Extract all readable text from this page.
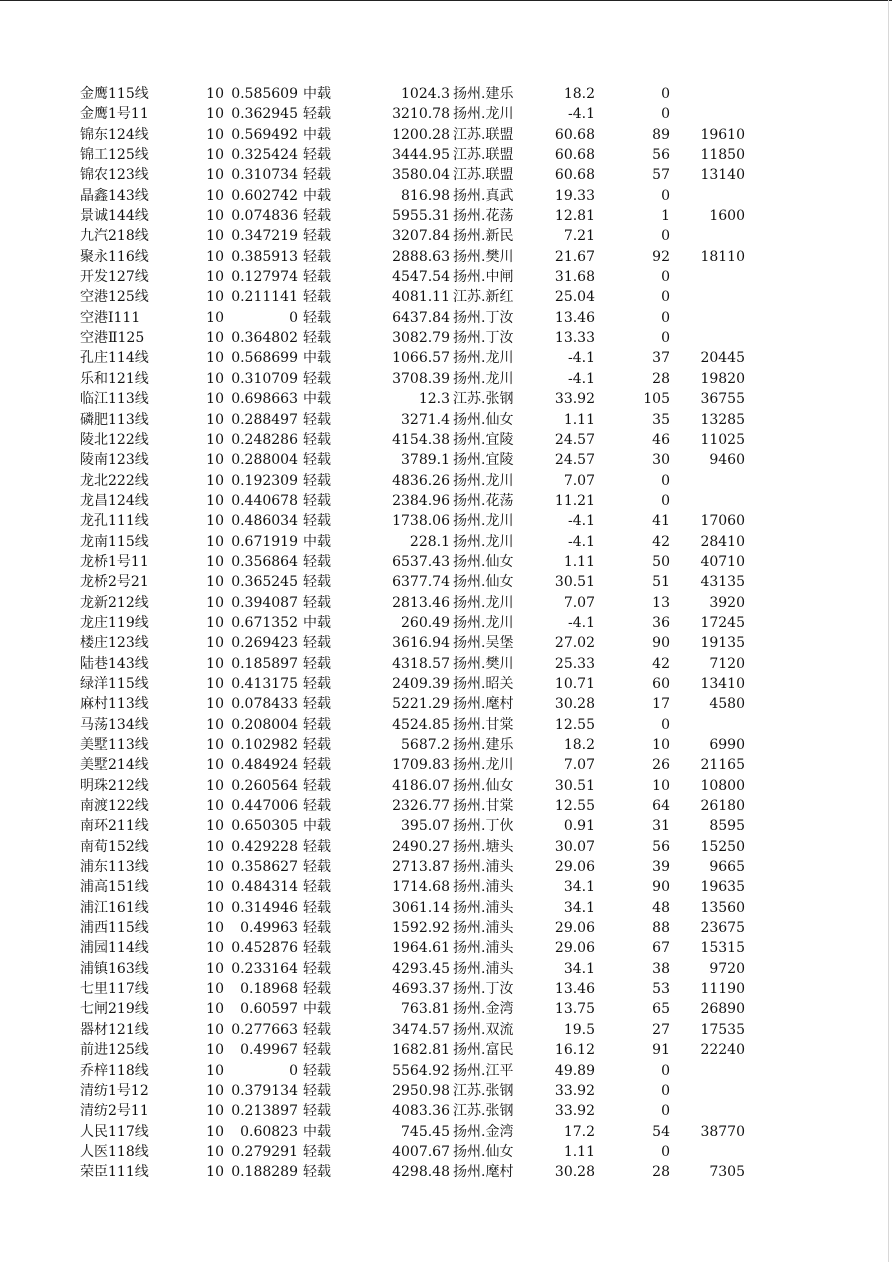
金鹰115线	10 0.585609 中载	1024.3 扬州.建乐	18.2	0
金鹰1号11	10 0.362945 轻载	3210.78 扬州.龙川	-4.1	0
锦东124线	10 0.569492 中载	1200.28 江苏.联盟	60.68	89	19610
锦工125线	10 0.325424 轻载	3444.95 江苏.联盟	60.68	56	11850
锦农123线	10 0.310734 轻载	3580.04 江苏.联盟	60.68	57	13140
晶鑫143线	10 0.602742 中载	816.98 扬州.真武	19.33	0
景诚144线	10 0.074836 轻载	5955.31 扬州.花荡	12.81	1	1600
九汽218线	10 0.347219 轻载	3207.84 扬州.新民	7.21	0
聚永116线	10 0.385913 轻载	2888.63 扬州.樊川	21.67	92	18110
开发127线	10 0.127974 轻载	4547.54 扬州.中闸	31.68	0
空港125线	10 0.211141 轻载	4081.11 江苏.新红	25.04	0
空港Ⅰ111	10	0 轻载	6437.84 扬州.丁汝	13.46	0
空港Ⅱ125	10 0.364802 轻载	3082.79 扬州.丁汝	13.33	0
孔庄114线	10 0.568699 中载	1066.57 扬州.龙川	-4.1	37	20445
乐和121线	10 0.310709 轻载	3708.39 扬州.龙川	-4.1	28	19820
临江113线	10 0.698663 中载	12.3 江苏.张钢	33.92	105	36755
磷肥113线	10 0.288497 轻载	3271.4 扬州.仙女	1.11	35	13285
陵北122线	10 0.248286 轻载	4154.38 扬州.宜陵	24.57	46	11025
陵南123线	10 0.288004 轻载	3789.1 扬州.宜陵	24.57	30	9460
龙北222线	10 0.192309 轻载	4836.26 扬州.龙川	7.07	0
龙昌124线	10 0.440678 轻载	2384.96 扬州.花荡	11.21	0
龙孔111线	10 0.486034 轻载	1738.06 扬州.龙川	-4.1	41	17060
龙南115线	10 0.671919 中载	228.1 扬州.龙川	-4.1	42	28410
龙桥1号11	10 0.356864 轻载	6537.43 扬州.仙女	1.11	50	40710
龙桥2号21	10 0.365245 轻载	6377.74 扬州.仙女	30.51	51	43135
龙新212线	10 0.394087 轻载	2813.46 扬州.龙川	7.07	13	3920
龙庄119线	10 0.671352 中载	260.49 扬州.龙川	-4.1	36	17245
楼庄123线	10 0.269423 轻载	3616.94 扬州.吴堡	27.02	90	19135
陆巷143线	10 0.185897 轻载	4318.57 扬州.樊川	25.33	42	7120
绿洋115线	10 0.413175 轻载	2409.39 扬州.昭关	10.71	60	13410
麻村113线	10 0.078433 轻载	5221.29 扬州.麾村	30.28	17	4580
马荡134线	10 0.208004 轻载	4524.85 扬州.甘棠	12.55	0
美墅113线	10 0.102982 轻载	5687.2 扬州.建乐	18.2	10	6990
美墅214线	10 0.484924 轻载	1709.83 扬州.龙川	7.07	26	21165
明珠212线	10 0.260564 轻载	4186.07 扬州.仙女	30.51	10	10800
南渡122线	10 0.447006 轻载	2326.77 扬州.甘棠	12.55	64	26180
南环211线	10 0.650305 中载	395.07 扬州.丁伙	0.91	31	8595
南荀152线	10 0.429228 轻载	2490.27 扬州.塘头	30.07	56	15250
浦东113线	10 0.358627 轻载	2713.87 扬州.浦头	29.06	39	9665
浦高151线	10 0.484314 轻载	1714.68 扬州.浦头	34.1	90	19635
浦江161线	10 0.314946 轻载	3061.14 扬州.浦头	34.1	48	13560
浦西115线	10	0.49963 轻载	1592.92 扬州.浦头	29.06	88	23675
浦园114线	10 0.452876 轻载	1964.61 扬州.浦头	29.06	67	15315
浦镇163线	10 0.233164 轻载	4293.45 扬州.浦头	34.1	38	9720
七里117线	10	0.18968 轻载	4693.37 扬州.丁汝	13.46	53	11190
七闸219线	10	0.60597 中载	763.81 扬州.金湾	13.75	65	26890
器材121线	10 0.277663 轻载	3474.57 扬州.双流	19.5	27	17535
前进125线	10	0.49967 轻载	1682.81 扬州.富民	16.12	91	22240
乔梓118线	10	0 轻载	5564.92 扬州.江平	49.89	0
清纺1号12	10 0.379134 轻载	2950.98 江苏.张钢	33.92	0
清纺2号11	10 0.213897 轻载	4083.36 江苏.张钢	33.92	0
人民117线	10	0.60823 中载	745.45 扬州.金湾	17.2	54	38770
人医118线	10 0.279291 轻载	4007.67 扬州.仙女	1.11	0
荣臣111线	10 0.188289 轻载	4298.48 扬州.麾村	30.28	28	7305
